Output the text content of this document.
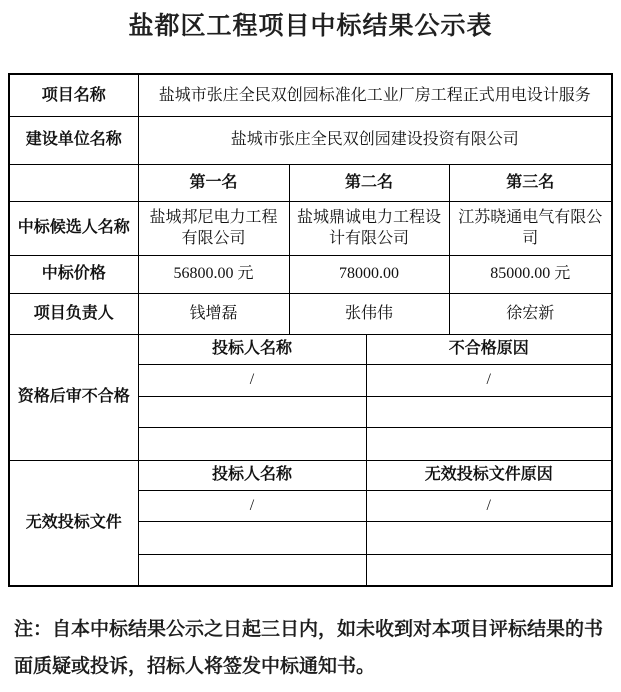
盐都区工程项目中标结果公示表
项目名称	盐城市张庄全民双创园标准化工业厂房工程正式用电设计服务			
建设单位名称	盐城市张庄全民双创园建设投资有限公司			
	第一名	第二名		第三名
中标候选人名称	盐城邦尼电力工程有限公司	盐城鼎诚电力工程设计有限公司		江苏晓通电气有限公司
中标价格	56800.00 元	78000.00		85000.00 元
项目负责人	钱增磊	张伟伟		徐宏新
资格后审不合格	投标人名称		不合格原因	
	/		/	

无效投标文件	投标人名称		无效投标文件原因	
	/		/	

注：自本中标结果公示之日起三日内，如未收到对本项目评标结果的书面质疑或投诉，招标人将签发中标通知书。
